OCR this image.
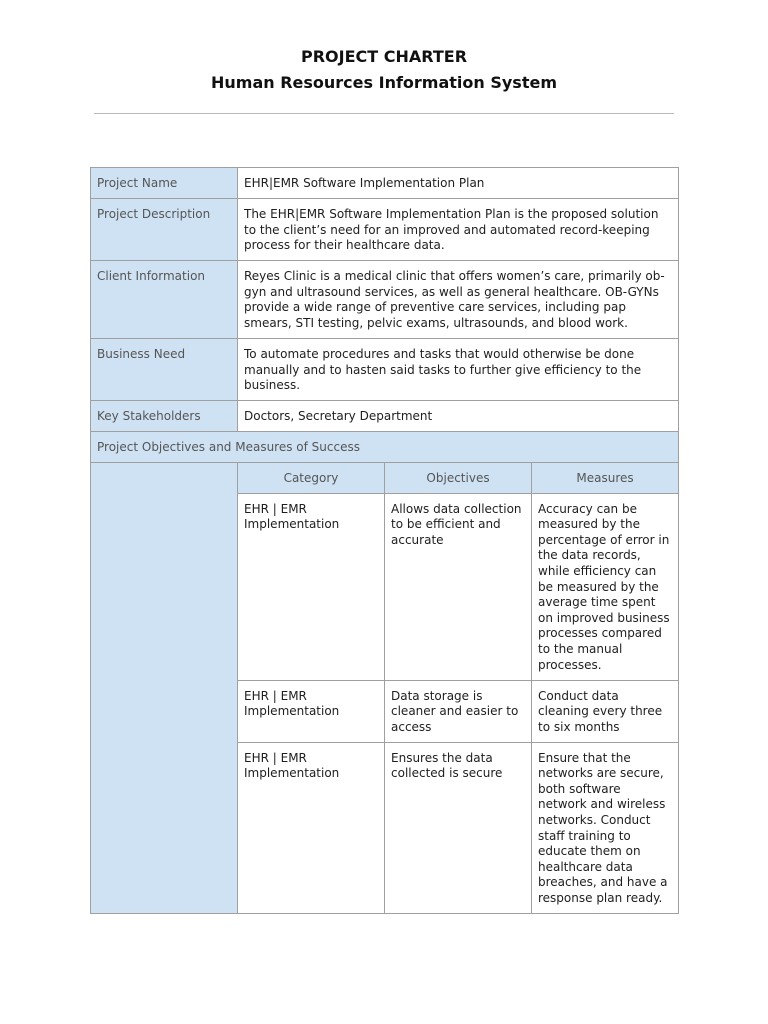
PROJECT CHARTER
Human Resources Information System
Project Name	EHR|EMR Software Implementation Plan		
Project Description	The EHR|EMR Software Implementation Plan is the proposed solution to the client’s need for an improved and automated record-keeping process for their healthcare data.		
Client Information	Reyes Clinic is a medical clinic that offers women’s care, primarily ob-gyn and ultrasound services, as well as general healthcare. OB-GYNs provide a wide range of preventive care services, including pap smears, STI testing, pelvic exams, ultrasounds, and blood work.		
Business Need	To automate procedures and tasks that would otherwise be done manually and to hasten said tasks to further give efficiency to the business.		
Key Stakeholders	Doctors, Secretary Department		
Project Objectives and Measures of Success			
	Category	Objectives	Measures
	EHR | EMR Implementation	Allows data collection to be efficient and accurate	Accuracy can be measured by the percentage of error in the data records, while efficiency can be measured by the average time spent on improved business processes compared to the manual processes.
	EHR | EMR Implementation	Data storage is cleaner and easier to access	Conduct data cleaning every three to six months
	EHR | EMR Implementation	Ensures the data collected is secure	Ensure that the networks are secure, both software network and wireless networks. Conduct staff training to educate them on healthcare data breaches, and have a response plan ready.
